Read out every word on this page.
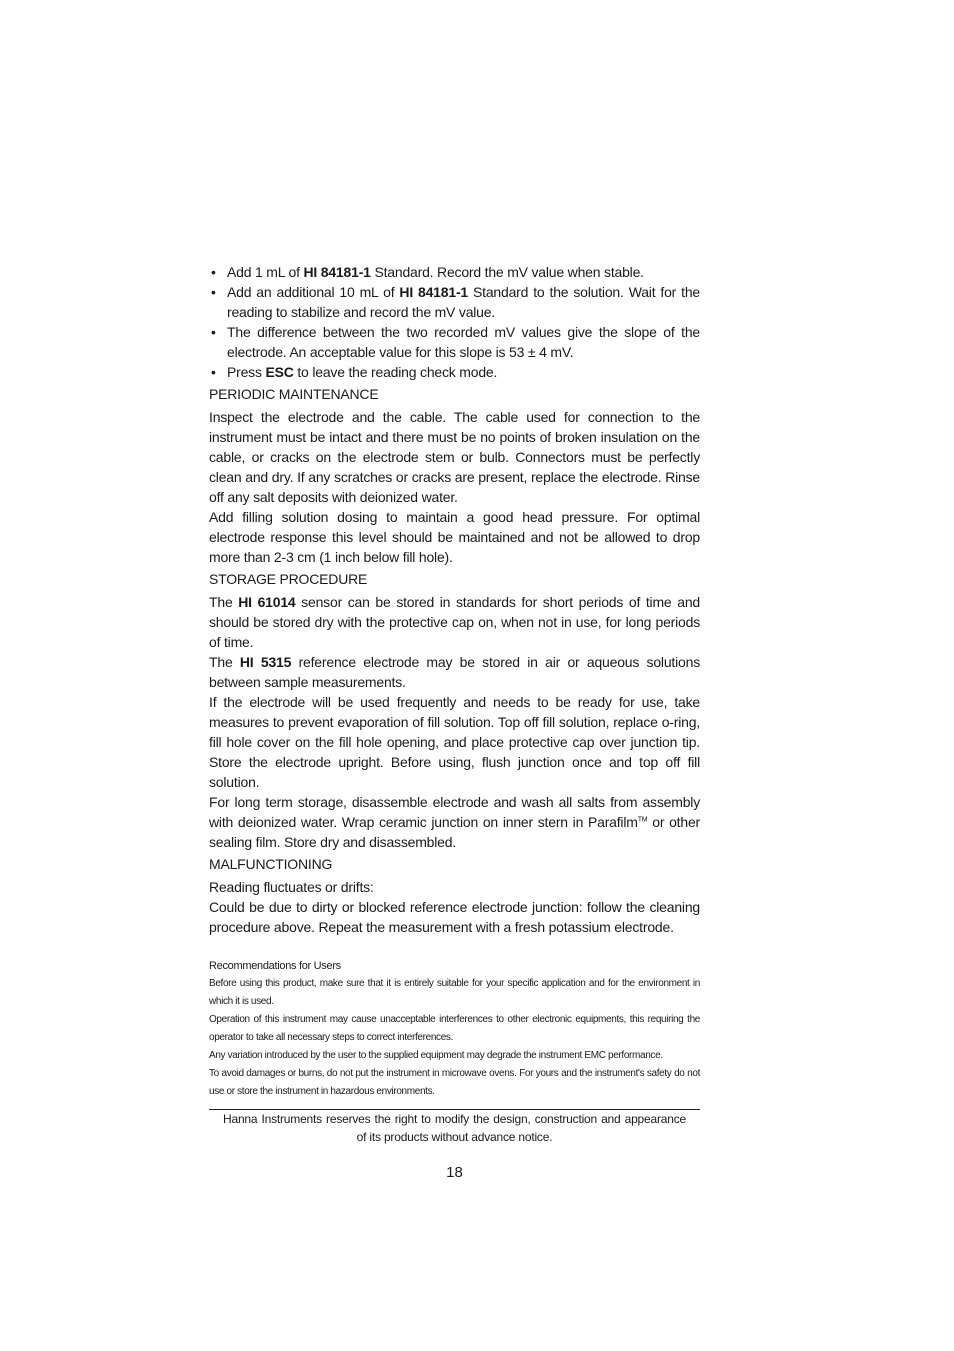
• Add 1 mL of HI 84181-1 Standard. Record the mV value when stable.
• Add an additional 10 mL of HI 84181-1 Standard to the solution. Wait for the reading to stabilize and record the mV value.
• The difference between the two recorded mV values give the slope of the electrode. An acceptable value for this slope is 53 ± 4 mV.
• Press ESC to leave the reading check mode.
PERIODIC MAINTENANCE

Inspect the electrode and the cable. The cable used for connection to the instrument must be intact and there must be no points of broken insulation on the cable, or cracks on the electrode stem or bulb. Connectors must be perfectly clean and dry. If any scratches or cracks are present, replace the electrode. Rinse off any salt deposits with deionized water.

Add filling solution dosing to maintain a good head pressure. For optimal electrode response this level should be maintained and not be allowed to drop more than 2-3 cm (1 inch below fill hole).

STORAGE PROCEDURE

The HI 61014 sensor can be stored in standards for short periods of time and should be stored dry with the protective cap on, when not in use, for long periods of time.

The HI 5315 reference electrode may be stored in air or aqueous solutions between sample measurements.

If the electrode will be used frequently and needs to be ready for use, take measures to prevent evaporation of fill solution. Top off fill solution, replace o-ring, fill hole cover on the fill hole opening, and place protective cap over junction tip. Store the electrode upright. Before using, flush junction once and top off fill solution.

For long term storage, disassemble electrode and wash all salts from assembly with deionized water. Wrap ceramic junction on inner stern in Parafilm™ or other sealing film. Store dry and disassembled.

MALFUNCTIONING

Reading fluctuates or drifts:

Could be due to dirty or blocked reference electrode junction: follow the cleaning procedure above. Repeat the measurement with a fresh potassium electrode.

Recommendations for Users

Before using this product, make sure that it is entirely suitable for your specific application and for the environment in which it is used.

Operation of this instrument may cause unacceptable interferences to other electronic equipments, this requiring the operator to take all necessary steps to correct interferences.

Any variation introduced by the user to the supplied equipment may degrade the instrument EMC performance.

To avoid damages or burns, do not put the instrument in microwave ovens. For yours and the instrument's safety do not use or store the instrument in hazardous environments.

Hanna Instruments reserves the right to modify the design, construction and appearance of its products without advance notice.

18
